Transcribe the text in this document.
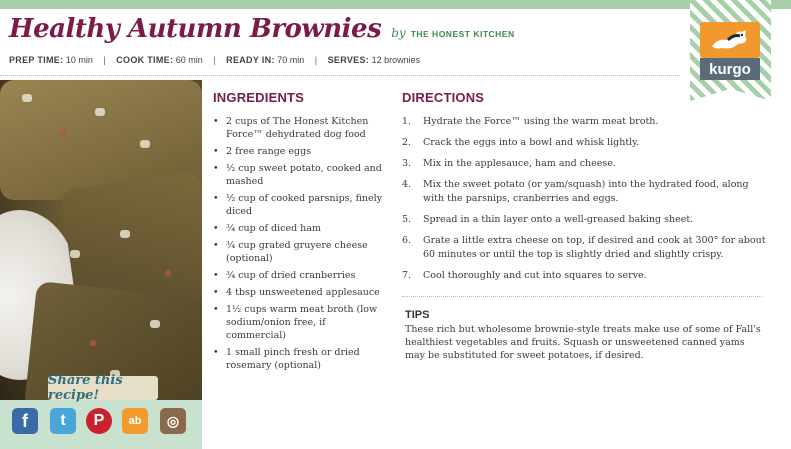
Healthy Autumn Brownies by THE HONEST KITCHEN
PREP TIME: 10 min | COOK TIME: 60 min | READY IN: 70 min | SERVES: 12 brownies
Share this recipe!
f	t	P	ab	◎
kurgo
INGREDIENTS
• 2 cups of The Honest Kitchen Force™ dehydrated dog food
• 2 free range eggs
• ½ cup sweet potato, cooked and mashed
• ½ cup of cooked parsnips, finely diced
• ¾ cup of diced ham
• ¾ cup grated gruyere cheese (optional)
• ¾ cup of dried cranberries
• 4 tbsp unsweetened applesauce
• 1½ cups warm meat broth (low sodium/onion free, if commercial)
• 1 small pinch fresh or dried rosemary (optional)
DIRECTIONS
1. Hydrate the Force™ using the warm meat broth.
2. Crack the eggs into a bowl and whisk lightly.
3. Mix in the applesauce, ham and cheese.
4. Mix the sweet potato (or yam/squash) into the hydrated food, along with the parsnips, cranberries and eggs.
5. Spread in a thin layer onto a well-greased baking sheet.
6. Grate a little extra cheese on top, if desired and cook at 300° for about 60 minutes or until the top is slightly dried and slightly crispy.
7. Cool thoroughly and cut into squares to serve.
TIPS
These rich but wholesome brownie-style treats make use of some of Fall's healthiest vegetables and fruits. Squash or unsweetened canned yams may be substituted for sweet potatoes, if desired.
